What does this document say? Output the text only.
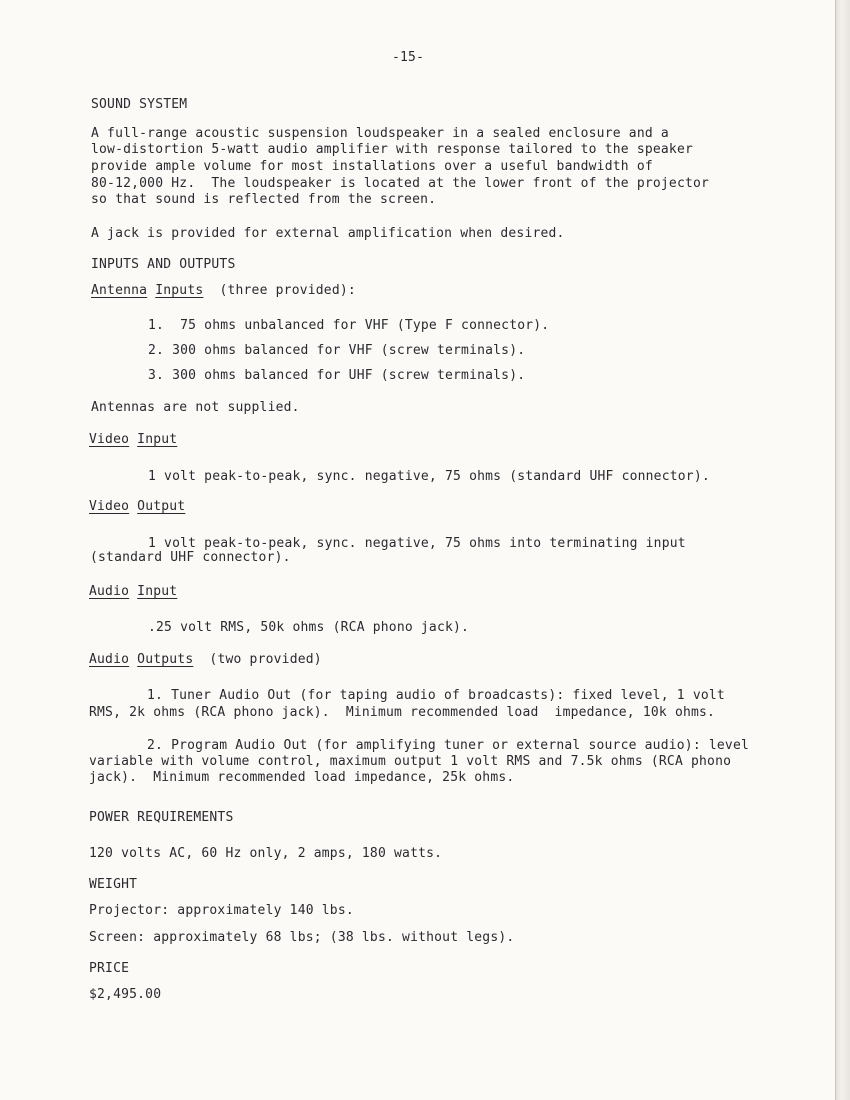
-15-

SOUND SYSTEM

A full-range acoustic suspension loudspeaker in a sealed enclosure and a

low-distortion 5-watt audio amplifier with response tailored to the speaker

provide ample volume for most installations over a useful bandwidth of

80-12,000 Hz.  The loudspeaker is located at the lower front of the projector

so that sound is reflected from the screen.

A jack is provided for external amplification when desired.

INPUTS AND OUTPUTS

Antenna Inputs (three provided):

1.  75 ohms unbalanced for VHF (Type F connector).

2. 300 ohms balanced for VHF (screw terminals).

3. 300 ohms balanced for UHF (screw terminals).

Antennas are not supplied.

Video Input

1 volt peak-to-peak, sync. negative, 75 ohms (standard UHF connector).

Video Output

1 volt peak-to-peak, sync. negative, 75 ohms into terminating input

(standard UHF connector).

Audio Input

.25 volt RMS, 50k ohms (RCA phono jack).

Audio Outputs (two provided)

1. Tuner Audio Out (for taping audio of broadcasts): fixed level, 1 volt

RMS, 2k ohms (RCA phono jack).  Minimum recommended load  impedance, 10k ohms.

2. Program Audio Out (for amplifying tuner or external source audio): level

variable with volume control, maximum output 1 volt RMS and 7.5k ohms (RCA phono

jack).  Minimum recommended load impedance, 25k ohms.

POWER REQUIREMENTS

120 volts AC, 60 Hz only, 2 amps, 180 watts.

WEIGHT

Projector: approximately 140 lbs.

Screen: approximately 68 lbs; (38 lbs. without legs).

PRICE

$2,495.00
